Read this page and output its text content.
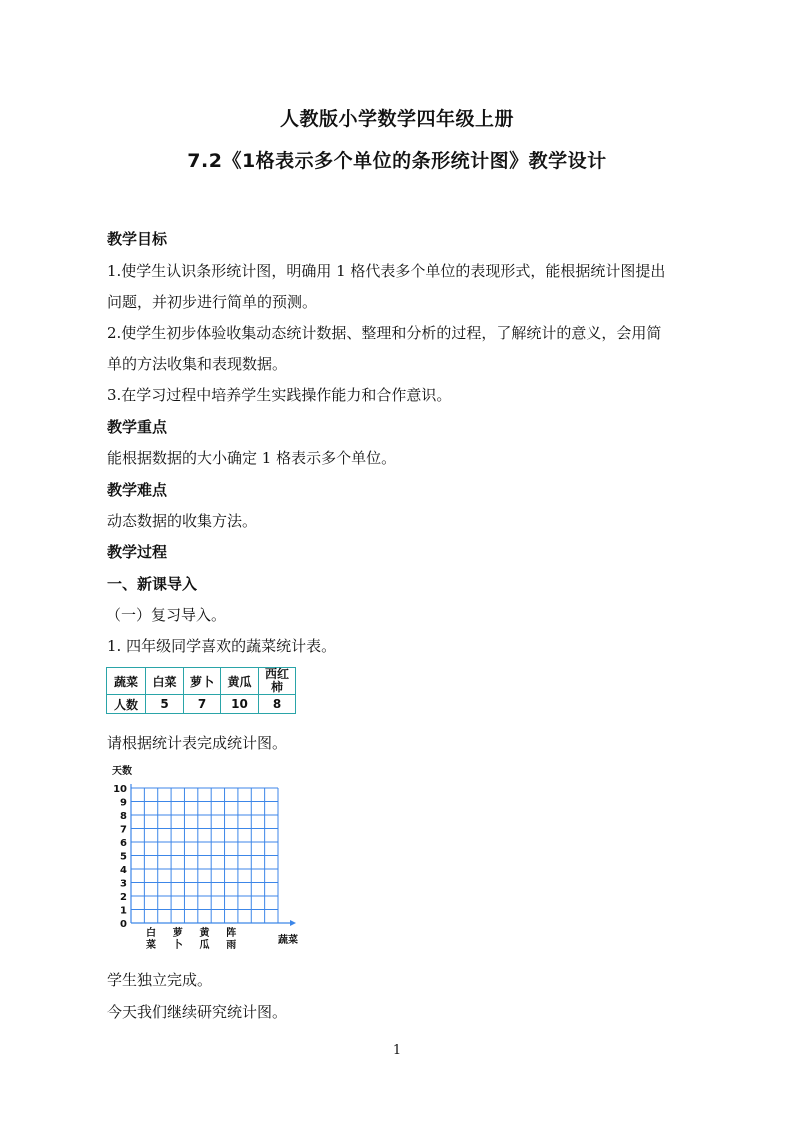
人教版小学数学四年级上册
7.2《1格表示多个单位的条形统计图》教学设计
教学目标
1.使学生认识条形统计图，明确用 1 格代表多个单位的表现形式，能根据统计图提出
问题，并初步进行简单的预测。
2.使学生初步体验收集动态统计数据、整理和分析的过程，了解统计的意义，会用简
单的方法收集和表现数据。
3.在学习过程中培养学生实践操作能力和合作意识。
教学重点
能根据数据的大小确定 1 格表示多个单位。
教学难点
动态数据的收集方法。
教学过程
一、新课导入
（一）复习导入。
1. 四年级同学喜欢的蔬菜统计表。
蔬菜	白菜	萝卜	黄瓜	西红柿
人数	5	7	10	8
请根据统计表完成统计图。
0
1
2
3
4
5
6
7
8
9
10
天数
白
菜
萝
卜
黄
瓜
阵
雨	蔬菜
学生独立完成。
今天我们继续研究统计图。
1
